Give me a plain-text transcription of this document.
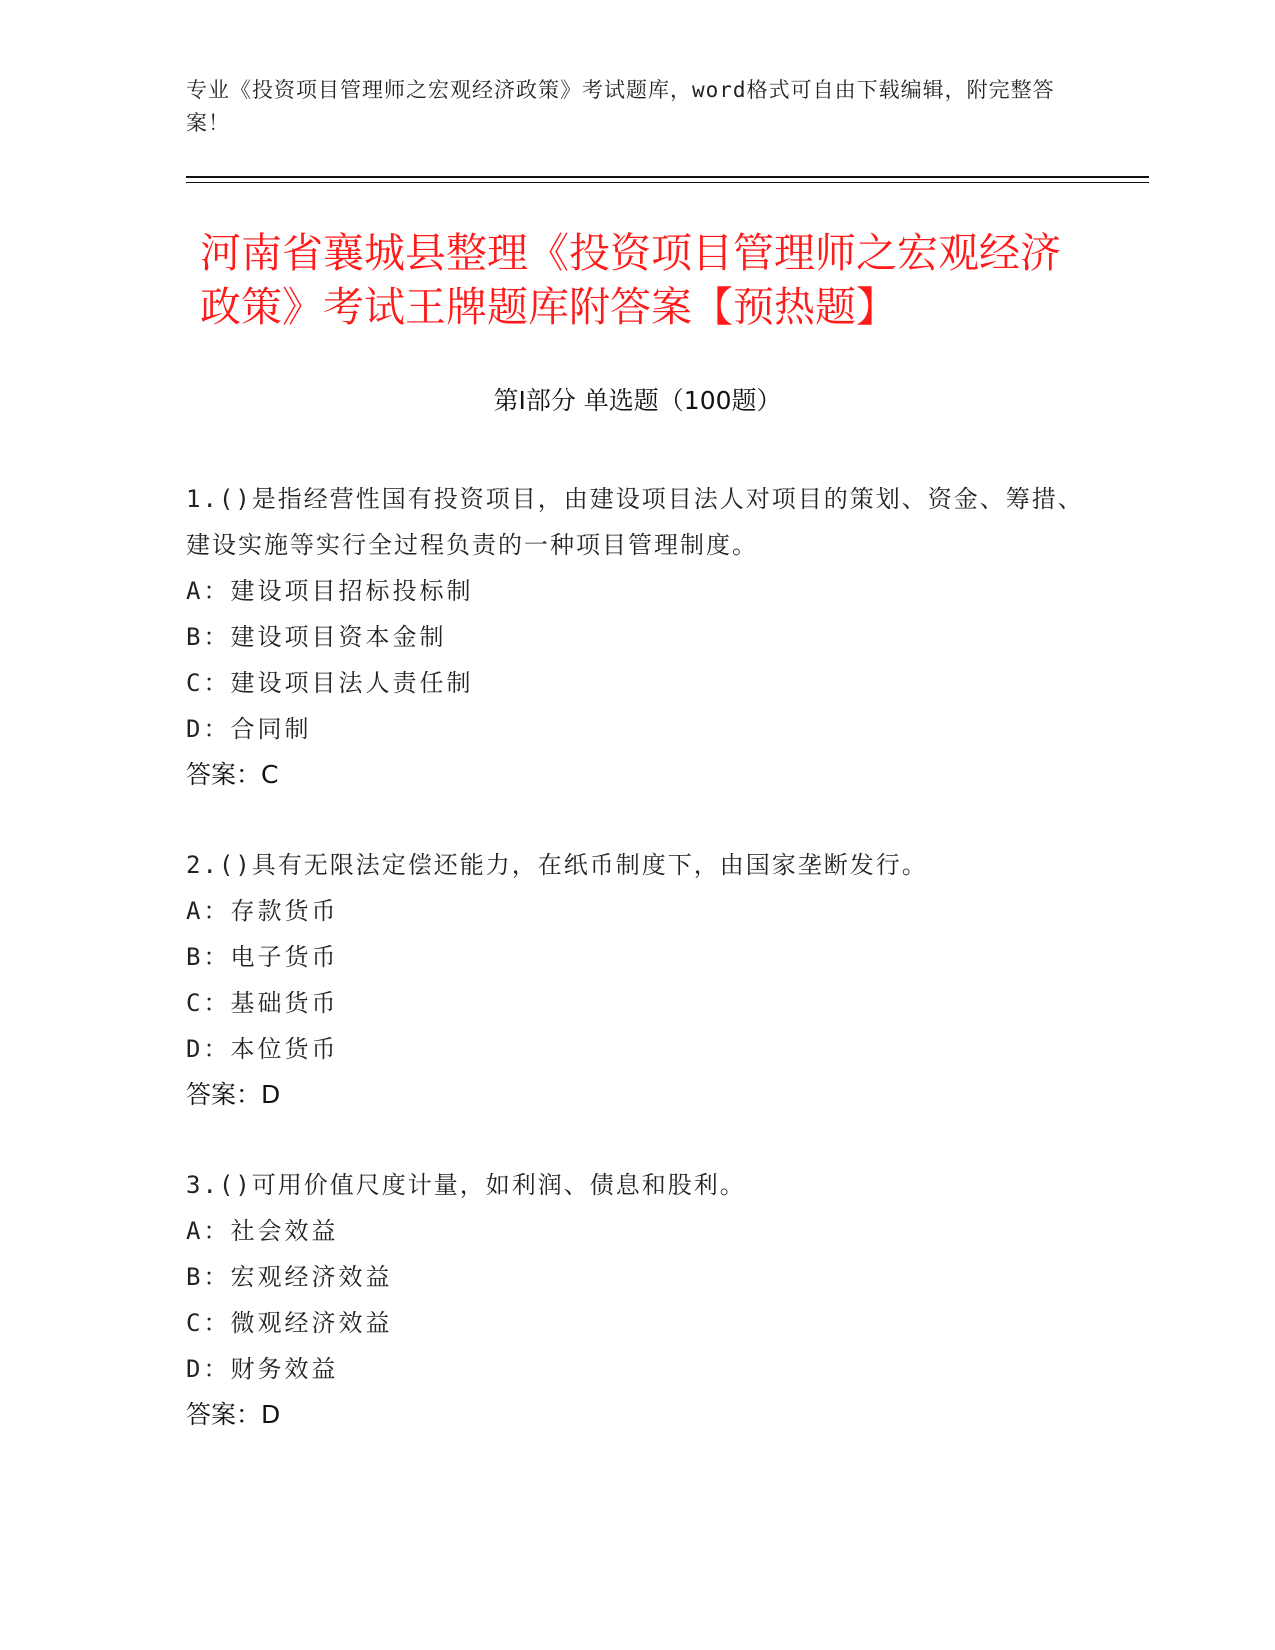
专业《投资项目管理师之宏观经济政策》考试题库，word格式可自由下载编辑，附完整答案！
河南省襄城县整理《投资项目管理师之宏观经济政策》考试王牌题库附答案【预热题】
第Ⅰ部分 单选题（100题）

1.()是指经营性国有投资项目，由建设项目法人对项目的策划、资金、筹措、建设实施等实行全过程负责的一种项目管理制度。

A：建设项目招标投标制

B：建设项目资本金制

C：建设项目法人责任制

D：合同制

答案：C

2.()具有无限法定偿还能力，在纸币制度下，由国家垄断发行。

A：存款货币

B：电子货币

C：基础货币

D：本位货币

答案：D

3.()可用价值尺度计量，如利润、债息和股利。

A：社会效益

B：宏观经济效益

C：微观经济效益

D：财务效益

答案：D
